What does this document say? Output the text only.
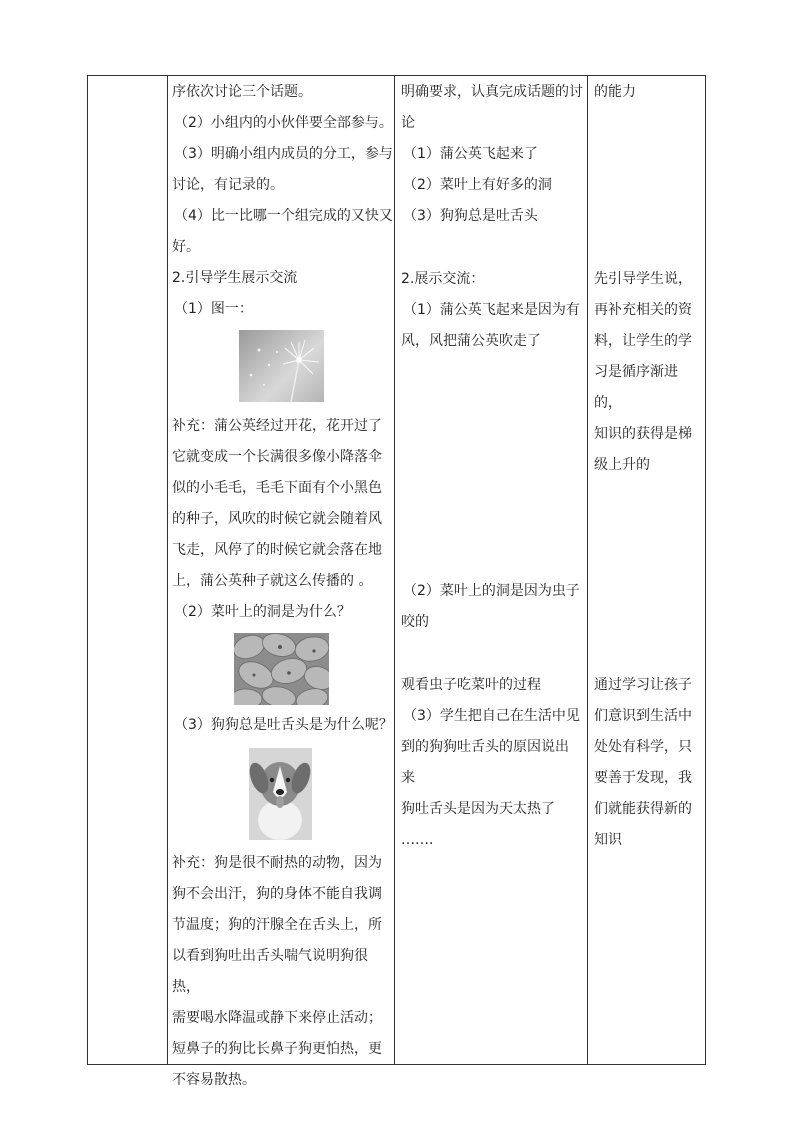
序依次讨论三个话题。

（2）小组内的小伙伴要全部参与。

（3）明确小组内成员的分工，参与

讨论，有记录的。

（4）比一比哪一个组完成的又快又

好。

2.引导学生展示交流

（1）图一：

补充：蒲公英经过开花，花开过了

它就变成一个长满很多像小降落伞

似的小毛毛，毛毛下面有个小黑色

的种子，风吹的时候它就会随着风

飞走，风停了的时候它就会落在地

上，蒲公英种子就这么传播的 。

（2）菜叶上的洞是为什么？

（3）狗狗总是吐舌头是为什么呢？

补充：狗是很不耐热的动物，因为

狗不会出汗，狗的身体不能自我调

节温度；狗的汗腺全在舌头上，所

以看到狗吐出舌头喘气说明狗很热，

需要喝水降温或静下来停止活动；

短鼻子的狗比长鼻子狗更怕热，更

不容易散热。

明确要求，认真完成话题的讨

论

（1）蒲公英飞起来了

（2）菜叶上有好多的洞

（3）狗狗总是吐舌头

2.展示交流：

（1）蒲公英飞起来是因为有

风，风把蒲公英吹走了

（2）菜叶上的洞是因为虫子

咬的

观看虫子吃菜叶的过程

（3）学生把自己在生活中见

到的狗狗吐舌头的原因说出

来

狗吐舌头是因为天太热了

…….

的能力

先引导学生说，

再补充相关的资

料，让学生的学

习是循序渐进的，

知识的获得是梯

级上升的

通过学习让孩子

们意识到生活中

处处有科学，只

要善于发现，我

们就能获得新的

知识
